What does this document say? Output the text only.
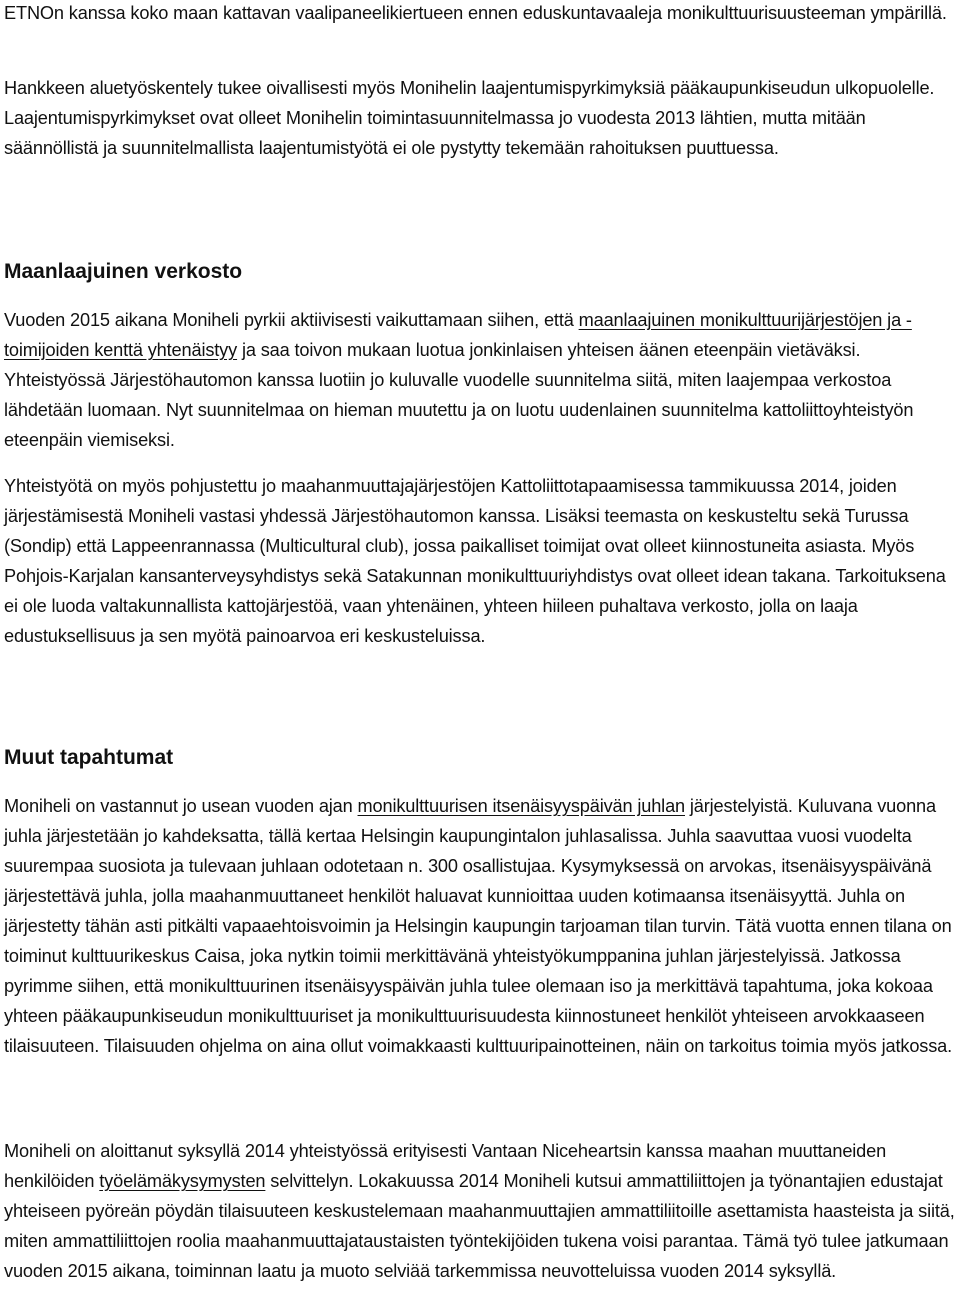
ETNOn kanssa koko maan kattavan vaalipaneelikiertueen ennen eduskuntavaaleja monikulttuurisuusteeman ympärillä.

Hankkeen aluetyöskentely tukee oivallisesti myös Monihelin laajentumispyrkimyksiä pääkaupunkiseudun ulkopuolelle. Laajentumispyrkimykset ovat olleet Monihelin toimintasuunnitelmassa jo vuodesta 2013 lähtien, mutta mitään säännöllistä ja suunnitelmallista laajentumistyötä ei ole pystytty tekemään rahoituksen puuttuessa.

Maanlaajuinen verkosto

Vuoden 2015 aikana Moniheli pyrkii aktiivisesti vaikuttamaan siihen, että maanlaajuinen monikulttuurijärjestöjen ja -toimijoiden kenttä yhtenäistyy ja saa toivon mukaan luotua jonkinlaisen yhteisen äänen eteenpäin vietäväksi. Yhteistyössä Järjestöhautomon kanssa luotiin jo kuluvalle vuodelle suunnitelma siitä, miten laajempaa verkostoa lähdetään luomaan. Nyt suunnitelmaa on hieman muutettu ja on luotu uudenlainen suunnitelma kattoliittoyhteistyön eteenpäin viemiseksi.

Yhteistyötä on myös pohjustettu jo maahanmuuttajajärjestöjen Kattoliittotapaamisessa tammikuussa 2014, joiden järjestämisestä Moniheli vastasi yhdessä Järjestöhautomon kanssa. Lisäksi teemasta on keskusteltu sekä Turussa (Sondip) että Lappeenrannassa (Multicultural club), jossa paikalliset toimijat ovat olleet kiinnostuneita asiasta. Myös Pohjois-Karjalan kansanterveysyhdistys sekä Satakunnan monikulttuuriyhdistys ovat olleet idean takana. Tarkoituksena ei ole luoda valtakunnallista kattojärjestöä, vaan yhtenäinen, yhteen hiileen puhaltava verkosto, jolla on laaja edustuksellisuus ja sen myötä painoarvoa eri keskusteluissa.

Muut tapahtumat

Moniheli on vastannut jo usean vuoden ajan monikulttuurisen itsenäisyyspäivän juhlan järjestelyistä. Kuluvana vuonna juhla järjestetään jo kahdeksatta, tällä kertaa Helsingin kaupungintalon juhlasalissa. Juhla saavuttaa vuosi vuodelta suurempaa suosiota ja tulevaan juhlaan odotetaan n. 300 osallistujaa. Kysymyksessä on arvokas, itsenäisyyspäivänä järjestettävä juhla, jolla maahanmuuttaneet henkilöt haluavat kunnioittaa uuden kotimaansa itsenäisyyttä. Juhla on järjestetty tähän asti pitkälti vapaaehtoisvoimin ja Helsingin kaupungin tarjoaman tilan turvin. Tätä vuotta ennen tilana on toiminut kulttuurikeskus Caisa, joka nytkin toimii merkittävänä yhteistyökumppanina juhlan järjestelyissä. Jatkossa pyrimme siihen, että monikulttuurinen itsenäisyyspäivän juhla tulee olemaan iso ja merkittävä tapahtuma, joka kokoaa yhteen pääkaupunkiseudun monikulttuuriset ja monikulttuurisuudesta kiinnostuneet henkilöt yhteiseen arvokkaaseen tilaisuuteen. Tilaisuuden ohjelma on aina ollut voimakkaasti kulttuuripainotteinen, näin on tarkoitus toimia myös jatkossa.

Moniheli on aloittanut syksyllä 2014 yhteistyössä erityisesti Vantaan Niceheartsin kanssa maahan muuttaneiden henkilöiden työelämäkysymysten selvittelyn. Lokakuussa 2014 Moniheli kutsui ammattiliittojen ja työnantajien edustajat yhteiseen pyöreän pöydän tilaisuuteen keskustelemaan maahanmuuttajien ammattiliitoille asettamista haasteista ja siitä, miten ammattiliittojen roolia maahanmuuttajataustaisten työntekijöiden tukena voisi parantaa. Tämä työ tulee jatkumaan vuoden 2015 aikana, toiminnan laatu ja muoto selviää tarkemmissa neuvotteluissa vuoden 2014 syksyllä.
